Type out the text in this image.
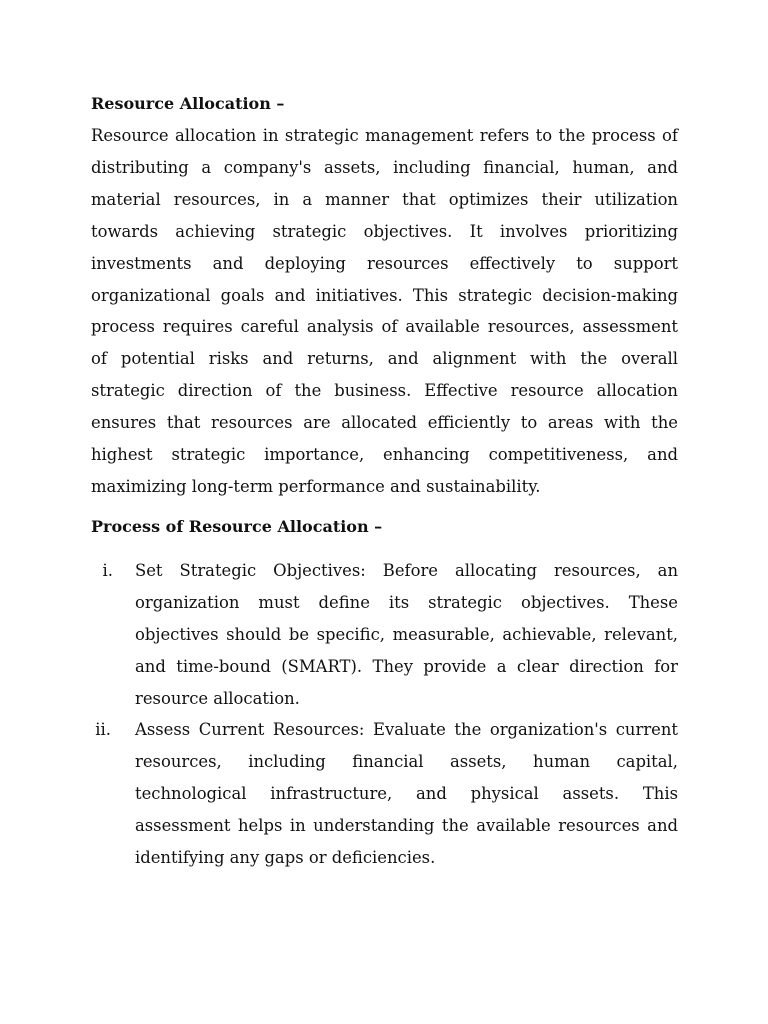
Resource Allocation –

Resource allocation in strategic management refers to the process of distributing a company's assets, including financial, human, and material resources, in a manner that optimizes their utilization towards achieving strategic objectives. It involves prioritizing investments and deploying resources effectively to support organizational goals and initiatives. This strategic decision-making process requires careful analysis of available resources, assessment of potential risks and returns, and alignment with the overall strategic direction of the business. Effective resource allocation ensures that resources are allocated efficiently to areas with the highest strategic importance, enhancing competitiveness, and maximizing long-term performance and sustainability.

Process of Resource Allocation –
i. Set Strategic Objectives: Before allocating resources, an organization must define its strategic objectives. These objectives should be specific, measurable, achievable, relevant, and time-bound (SMART). They provide a clear direction for resource allocation.

ii. Assess Current Resources: Evaluate the organization's current resources, including financial assets, human capital, technological infrastructure, and physical assets. This assessment helps in understanding the available resources and identifying any gaps or deficiencies.
